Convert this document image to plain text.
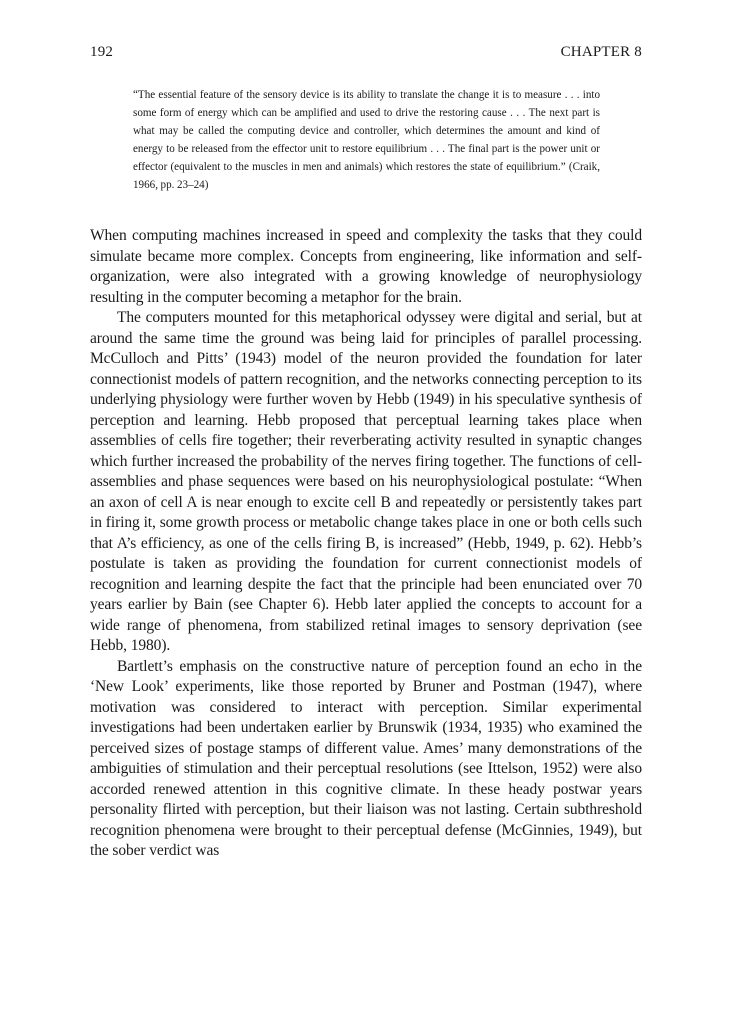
192	CHAPTER 8
“The essential feature of the sensory device is its ability to translate the change it is to measure . . . into some form of energy which can be amplified and used to drive the restoring cause . . . The next part is what may be called the computing device and controller, which determines the amount and kind of energy to be released from the effector unit to restore equilibrium . . . The final part is the power unit or effector (equivalent to the muscles in men and animals) which restores the state of equilibrium.” (Craik, 1966, pp. 23–24)

When computing machines increased in speed and complexity the tasks that they could simulate became more complex. Concepts from engineering, like information and self-organization, were also integrated with a growing knowledge of neurophysiology resulting in the computer becoming a metaphor for the brain.

The computers mounted for this metaphorical odyssey were digital and serial, but at around the same time the ground was being laid for principles of parallel processing. McCulloch and Pitts’ (1943) model of the neuron provided the foundation for later connectionist models of pattern recognition, and the networks connecting perception to its underlying physiology were further woven by Hebb (1949) in his speculative synthesis of perception and learning. Hebb proposed that perceptual learning takes place when assemblies of cells fire together; their reverberating activity resulted in synaptic changes which further increased the probability of the nerves firing together. The functions of cell-assemblies and phase sequences were based on his neurophysiological postulate: “When an axon of cell A is near enough to excite cell B and repeatedly or persistently takes part in firing it, some growth process or metabolic change takes place in one or both cells such that A’s efficiency, as one of the cells firing B, is increased” (Hebb, 1949, p. 62). Hebb’s postulate is taken as providing the foundation for current connectionist models of recognition and learning despite the fact that the principle had been enunciated over 70 years earlier by Bain (see Chapter 6). Hebb later applied the concepts to account for a wide range of phenomena, from stabilized retinal images to sensory deprivation (see Hebb, 1980).

Bartlett’s emphasis on the constructive nature of perception found an echo in the ‘New Look’ experiments, like those reported by Bruner and Postman (1947), where motivation was considered to interact with perception. Similar experimental investigations had been undertaken earlier by Brunswik (1934, 1935) who examined the perceived sizes of postage stamps of different value. Ames’ many demonstrations of the ambiguities of stimulation and their perceptual resolutions (see Ittelson, 1952) were also accorded renewed attention in this cognitive climate. In these heady postwar years personality flirted with perception, but their liaison was not lasting. Certain subthreshold recognition phenomena were brought to their perceptual defense (McGinnies, 1949), but the sober verdict was
